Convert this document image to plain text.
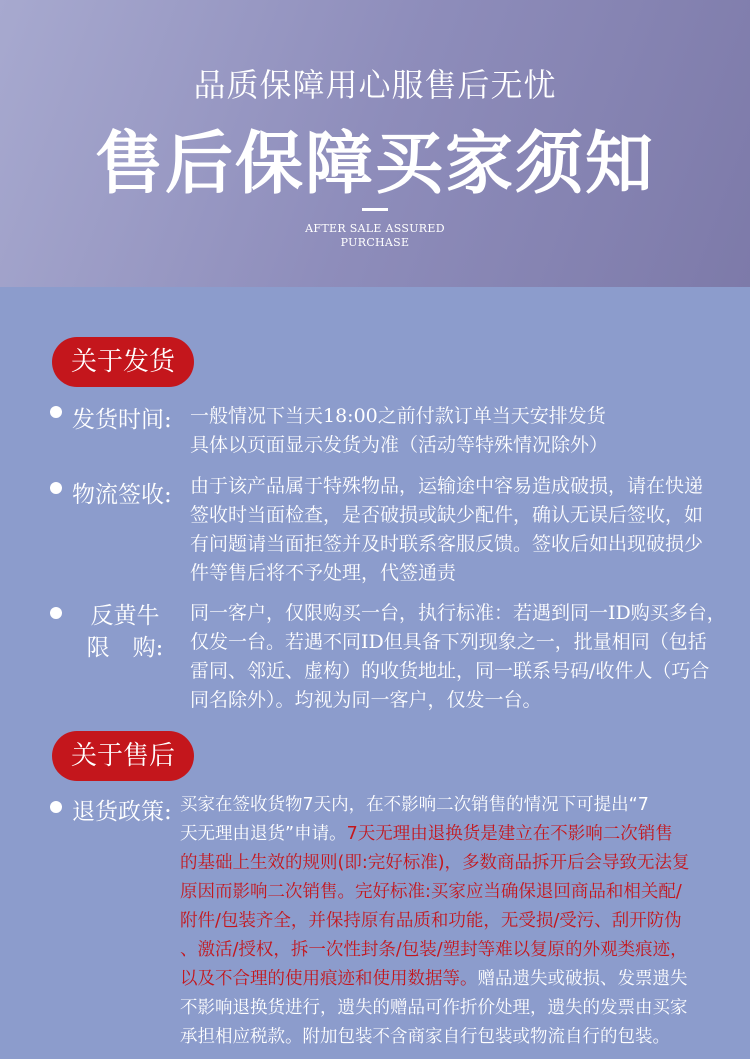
品质保障用心服售后无忧
售后保障买家须知
AFTER SALE ASSURED
PURCHASE
关于发货
发货时间: 一般情况下当天18:00之前付款订单当天安排发货
具体以页面显示发货为准（活动等特殊情况除外）
物流签收: 由于该产品属于特殊物品，运输途中容易造成破损，请在快递
签收时当面检查，是否破损或缺少配件，确认无误后签收，如
有问题请当面拒签并及时联系客服反馈。签收后如出现破损少
件等售后将不予处理，代签通责
反黄牛
限　购:
同一客户，仅限购买一台，执行标准：若遇到同一ID购买多台，
仅发一台。若遇不同ID但具备下列现象之一，批量相同（包括
雷同、邻近、虚构）的收货地址，同一联系号码/收件人（巧合
同名除外）。均视为同一客户，仅发一台。
关于售后
退货政策: 买家在签收货物7天内，在不影响二次销售的情况下可提出“7
天无理由退货”申请。7天无理由退换货是建立在不影响二次销售
的基础上生效的规则(即:完好标准)，多数商品拆开后会导致无法复
原因而影响二次销售。完好标准:买家应当确保退回商品和相关配/
附件/包装齐全，并保持原有品质和功能，无受损/受污、刮开防伪
、激活/授权，拆一次性封条/包装/塑封等难以复原的外观类痕迹，
以及不合理的使用痕迹和使用数据等。赠品遗失或破损、发票遗失
不影响退换货进行，遗失的赠品可作折价处理，遗失的发票由买家
承担相应税款。附加包装不含商家自行包装或物流自行的包装。
